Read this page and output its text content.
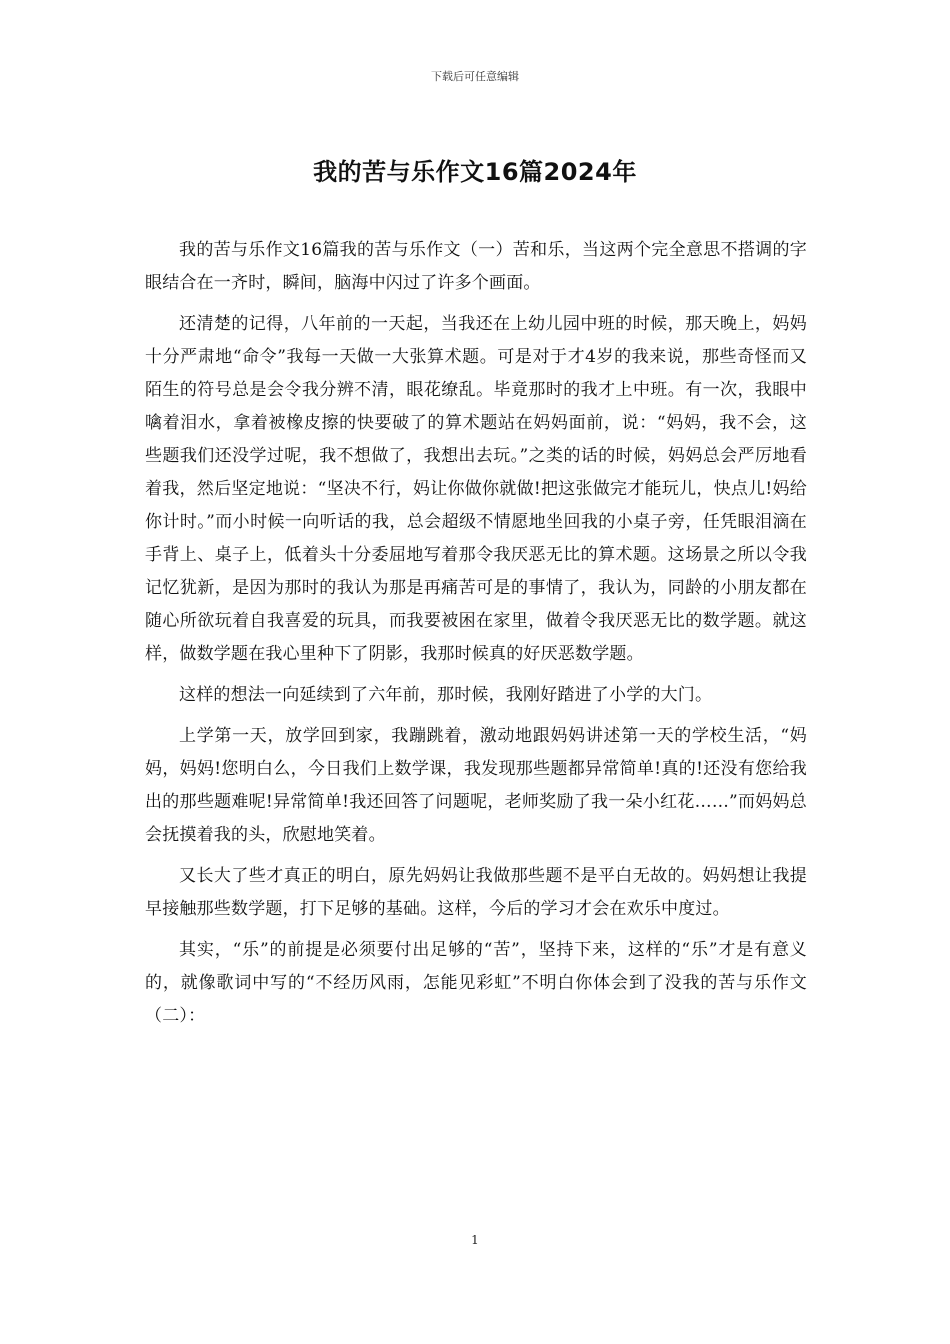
下载后可任意编辑
我的苦与乐作文16篇2024年

我的苦与乐作文16篇我的苦与乐作文（一）苦和乐，当这两个完全意思不搭调的字眼结合在一齐时，瞬间，脑海中闪过了许多个画面。

还清楚的记得，八年前的一天起，当我还在上幼儿园中班的时候，那天晚上，妈妈十分严肃地“命令”我每一天做一大张算术题。可是对于才4岁的我来说，那些奇怪而又陌生的符号总是会令我分辨不清，眼花缭乱。毕竟那时的我才上中班。有一次，我眼中噙着泪水，拿着被橡皮擦的快要破了的算术题站在妈妈面前，说：“妈妈，我不会，这些题我们还没学过呢，我不想做了，我想出去玩。”之类的话的时候，妈妈总会严厉地看着我，然后坚定地说：“坚决不行，妈让你做你就做!把这张做完才能玩儿，快点儿!妈给你计时。”而小时候一向听话的我，总会超级不情愿地坐回我的小桌子旁，任凭眼泪滴在手背上、桌子上，低着头十分委屈地写着那令我厌恶无比的算术题。这场景之所以令我记忆犹新，是因为那时的我认为那是再痛苦可是的事情了，我认为，同龄的小朋友都在随心所欲玩着自我喜爱的玩具，而我要被困在家里，做着令我厌恶无比的数学题。就这样，做数学题在我心里种下了阴影，我那时候真的好厌恶数学题。

这样的想法一向延续到了六年前，那时候，我刚好踏进了小学的大门。

上学第一天，放学回到家，我蹦跳着，激动地跟妈妈讲述第一天的学校生活，“妈妈，妈妈!您明白么，今日我们上数学课，我发现那些题都异常简单!真的!还没有您给我出的那些题难呢!异常简单!我还回答了问题呢，老师奖励了我一朵小红花……”而妈妈总会抚摸着我的头，欣慰地笑着。

又长大了些才真正的明白，原先妈妈让我做那些题不是平白无故的。妈妈想让我提早接触那些数学题，打下足够的基础。这样，今后的学习才会在欢乐中度过。

其实，“乐”的前提是必须要付出足够的“苦”，坚持下来，这样的“乐”才是有意义的，就像歌词中写的“不经历风雨，怎能见彩虹”不明白你体会到了没我的苦与乐作文（二）：

1
